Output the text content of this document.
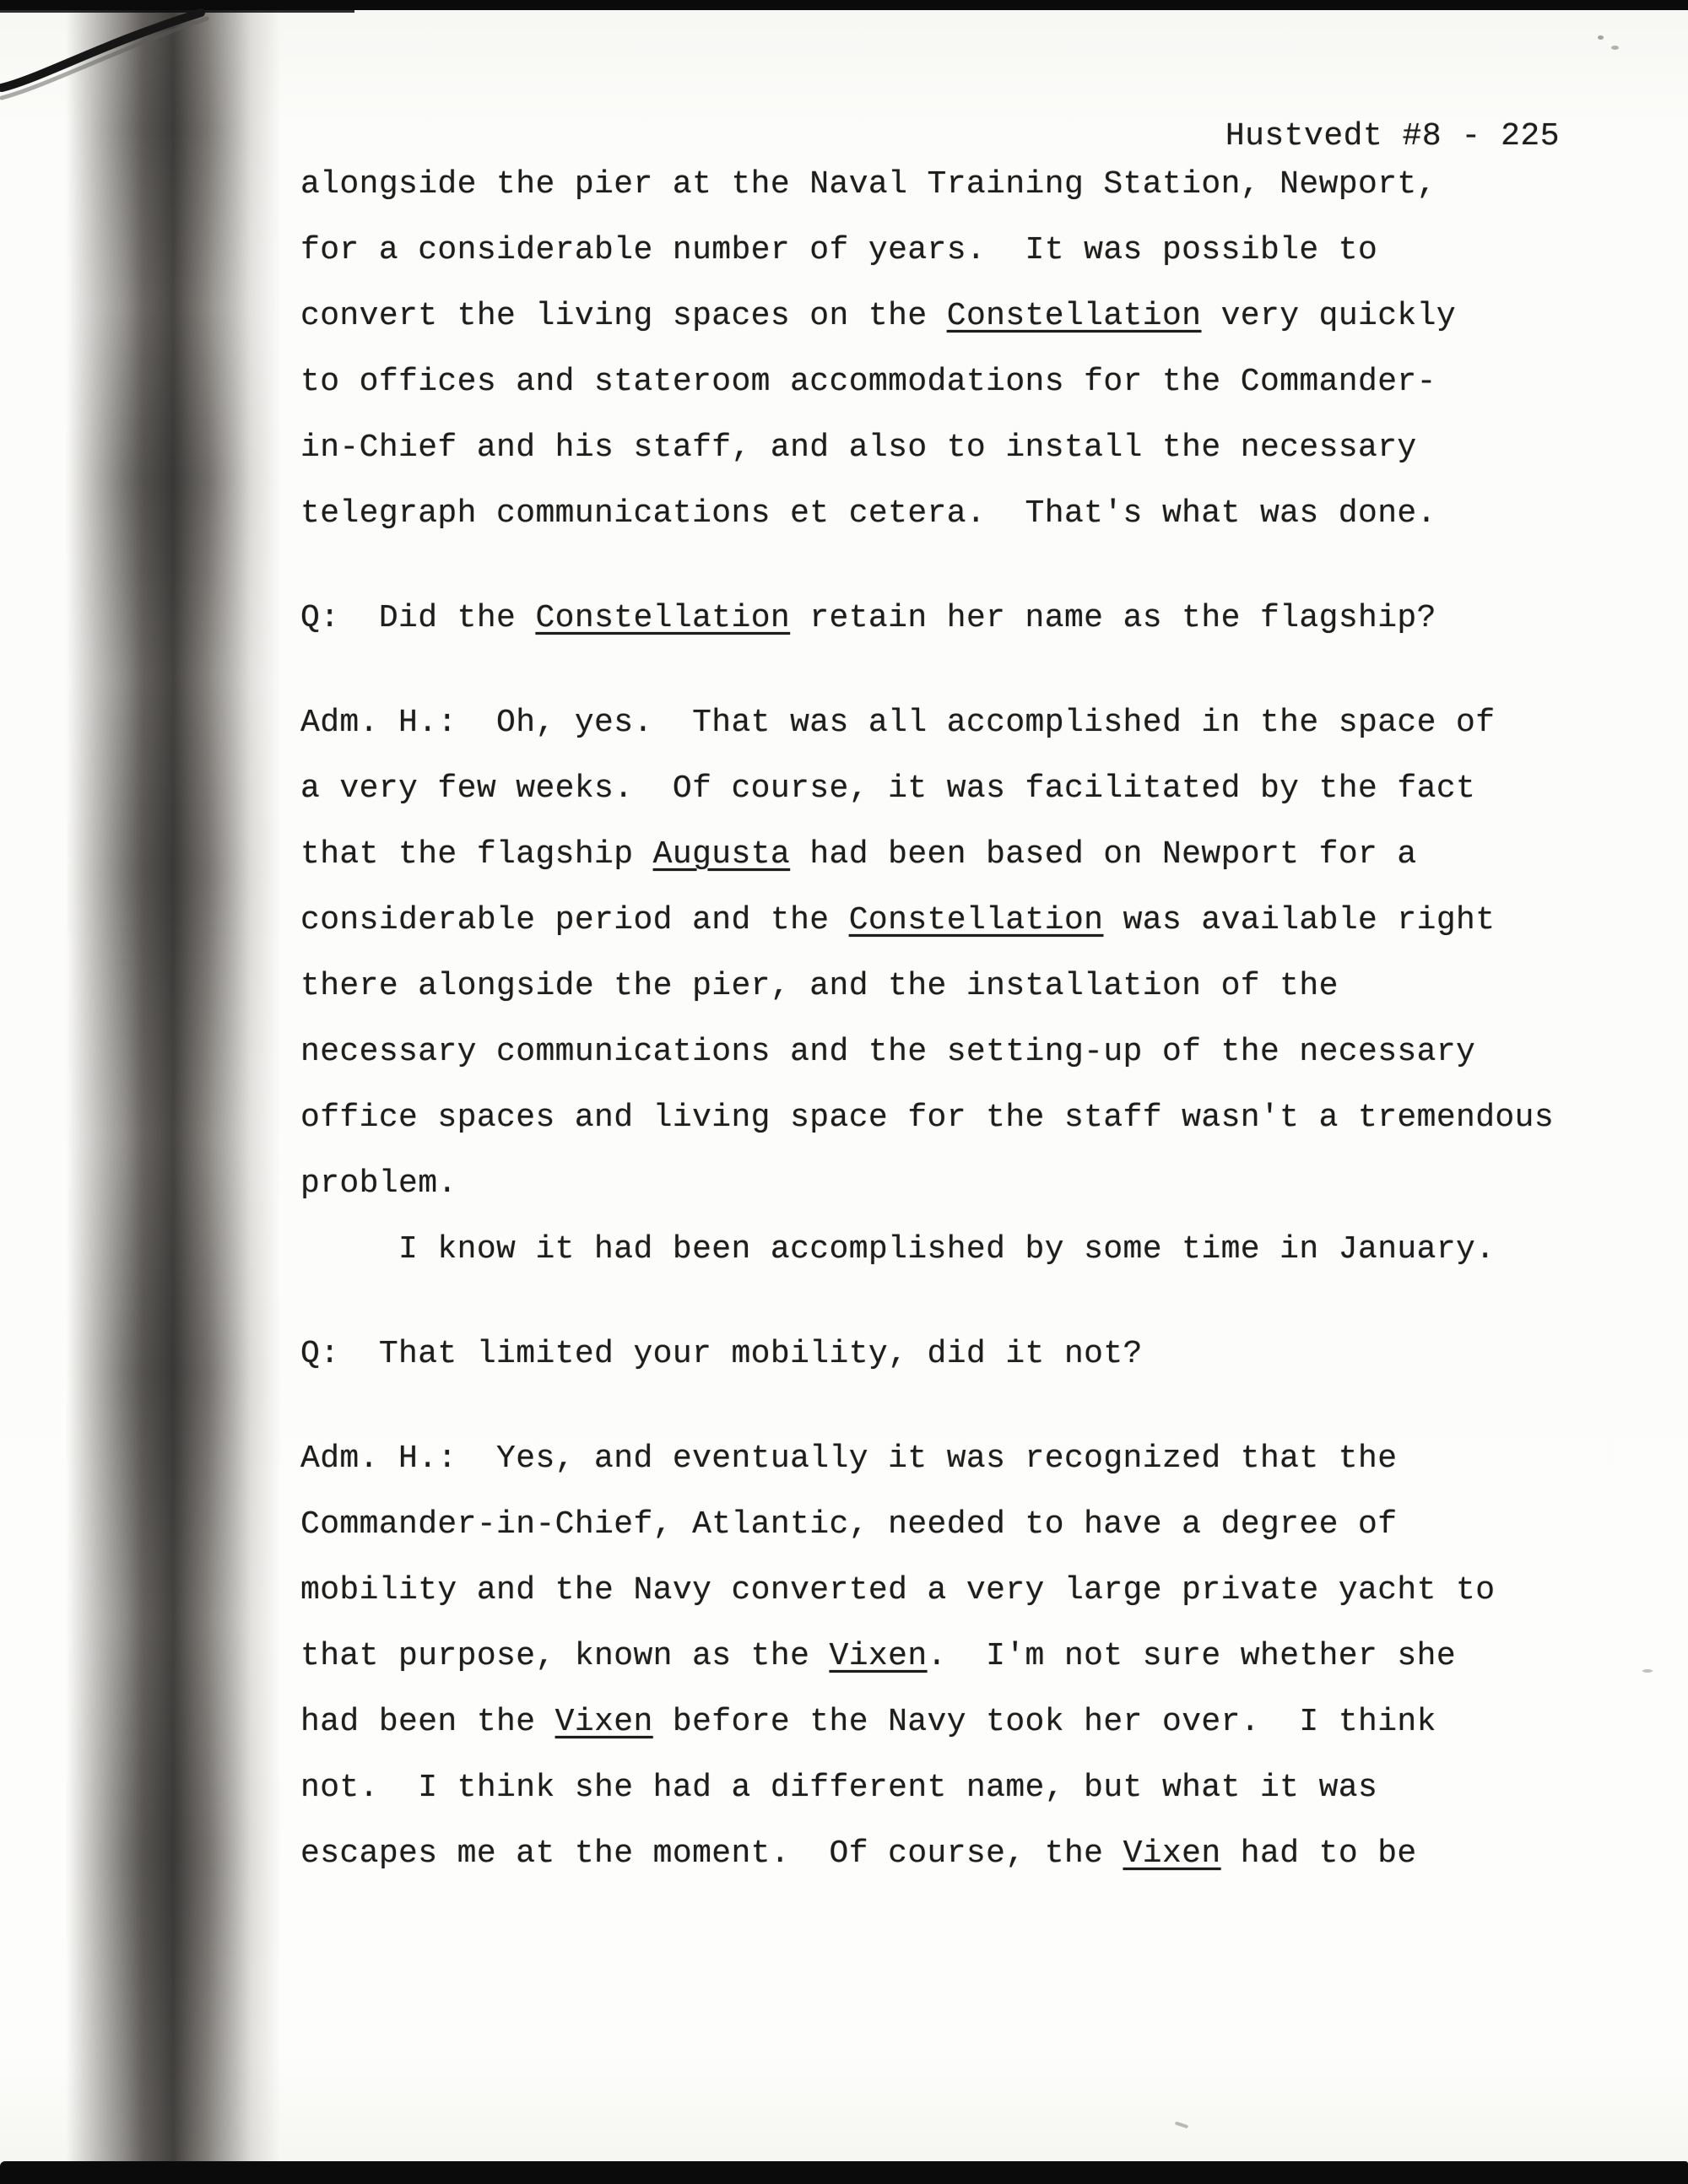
Hustvedt #8 - 225
alongside the pier at the Naval Training Station, Newport,
for a considerable number of years.  It was possible to
convert the living spaces on the Constellation very quickly
to offices and stateroom accommodations for the Commander-
in-Chief and his staff, and also to install the necessary
telegraph communications et cetera.  That's what was done.
Q:  Did the Constellation retain her name as the flagship?
Adm. H.:  Oh, yes.  That was all accomplished in the space of
a very few weeks.  Of course, it was facilitated by the fact
that the flagship Augusta had been based on Newport for a
considerable period and the Constellation was available right
there alongside the pier, and the installation of the
necessary communications and the setting-up of the necessary
office spaces and living space for the staff wasn't a tremendous
problem.
I know it had been accomplished by some time in January.
Q:  That limited your mobility, did it not?
Adm. H.:  Yes, and eventually it was recognized that the
Commander-in-Chief, Atlantic, needed to have a degree of
mobility and the Navy converted a very large private yacht to
that purpose, known as the Vixen.  I'm not sure whether she
had been the Vixen before the Navy took her over.  I think
not.  I think she had a different name, but what it was
escapes me at the moment.  Of course, the Vixen had to be
